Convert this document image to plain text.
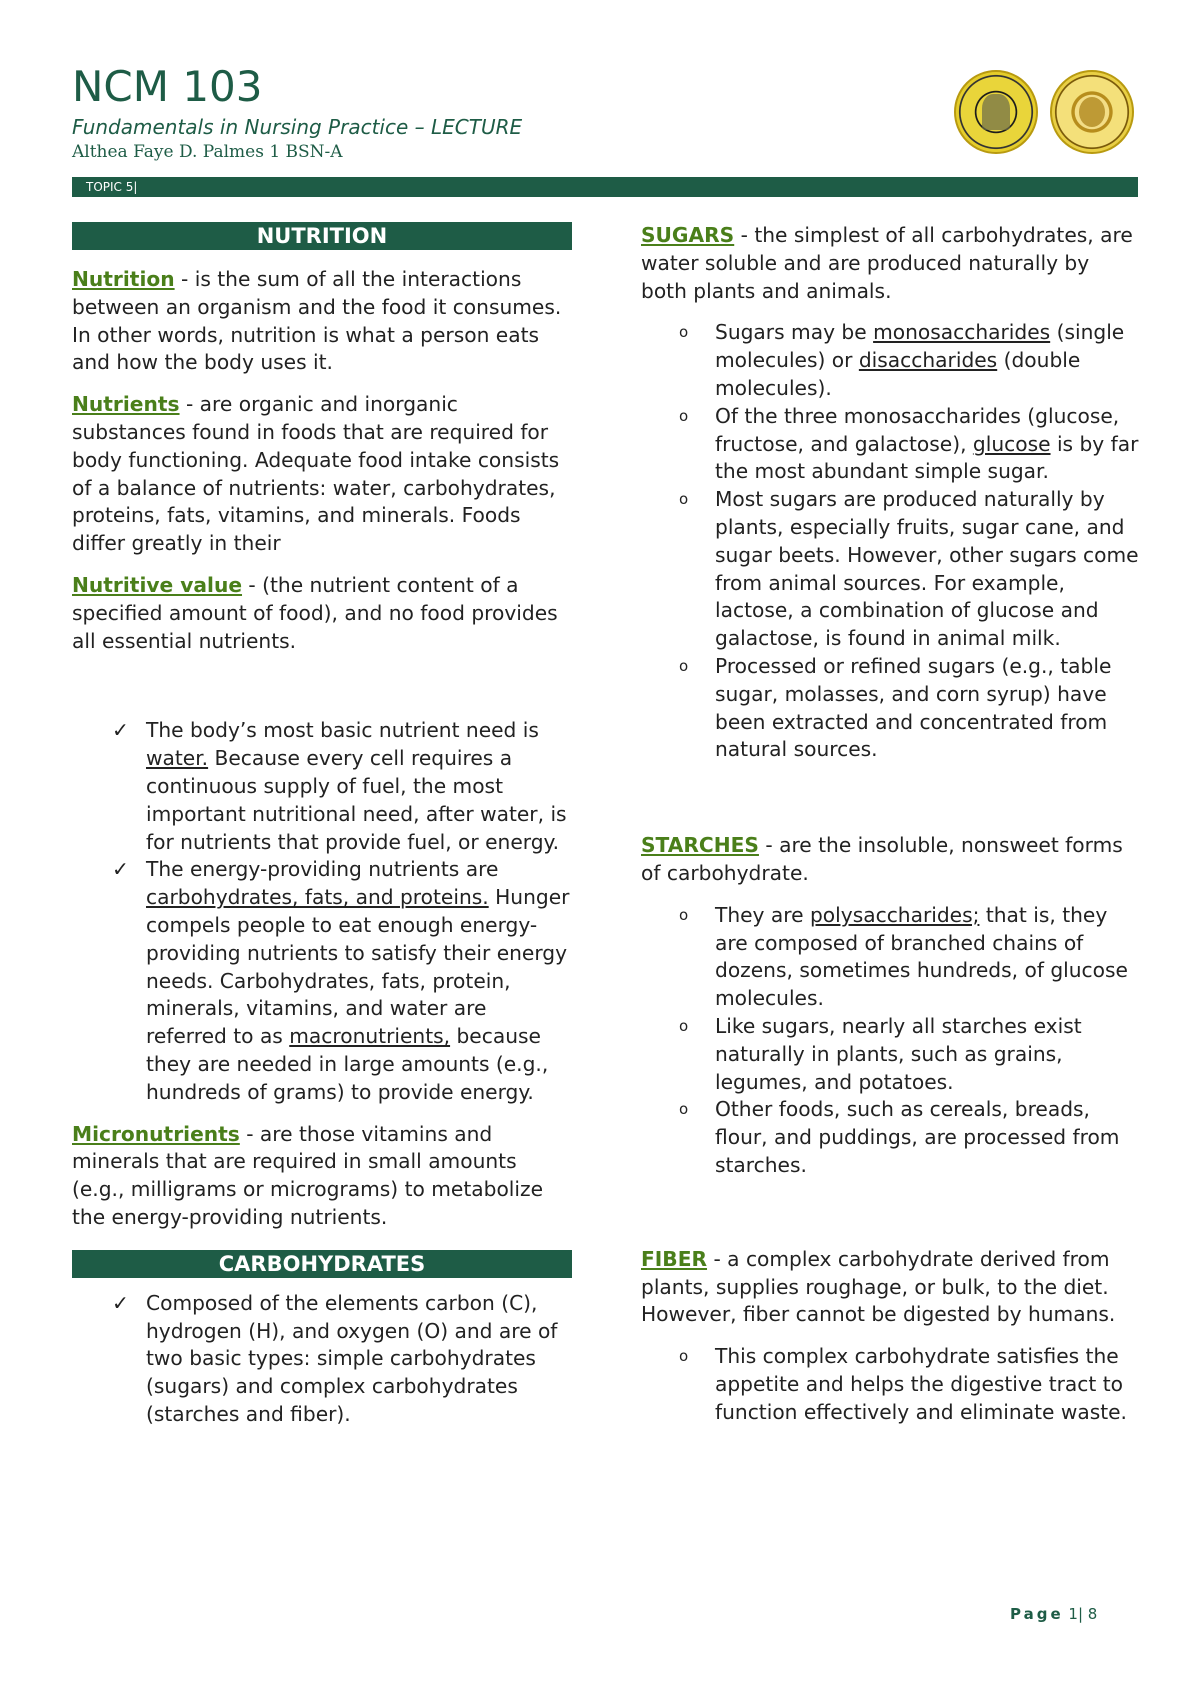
NCM 103
Fundamentals in Nursing Practice – LECTURE
Althea Faye D. Palmes 1 BSN-A
TOPIC 5|
NUTRITION

Nutrition - is the sum of all the interactions between an organism and the food it consumes. In other words, nutrition is what a person eats and how the body uses it.

Nutrients - are organic and inorganic substances found in foods that are required for body functioning. Adequate food intake consists of a balance of nutrients: water, carbohydrates, proteins, fats, vitamins, and minerals. Foods differ greatly in their

Nutritive value - (the nutrient content of a specified amount of food), and no food provides all essential nutrients.

✓ The body’s most basic nutrient need is water. Because every cell requires a continuous supply of fuel, the most important nutritional need, after water, is for nutrients that provide fuel, or energy.
✓ The energy-providing nutrients are carbohydrates, fats, and proteins. Hunger compels people to eat enough energy-providing nutrients to satisfy their energy needs. Carbohydrates, fats, protein, minerals, vitamins, and water are referred to as macronutrients, because they are needed in large amounts (e.g., hundreds of grams) to provide energy.

Micronutrients - are those vitamins and minerals that are required in small amounts (e.g., milligrams or micrograms) to metabolize the energy-providing nutrients.

CARBOHYDRATES
✓ Composed of the elements carbon (C), hydrogen (H), and oxygen (O) and are of two basic types: simple carbohydrates (sugars) and complex carbohydrates (starches and fiber).

SUGARS - the simplest of all carbohydrates, are water soluble and are produced naturally by both plants and animals.

o Sugars may be monosaccharides (single molecules) or disaccharides (double molecules).
o Of the three monosaccharides (glucose, fructose, and galactose), glucose is by far the most abundant simple sugar.
o Most sugars are produced naturally by plants, especially fruits, sugar cane, and sugar beets. However, other sugars come from animal sources. For example, lactose, a combination of glucose and galactose, is found in animal milk.
o Processed or refined sugars (e.g., table sugar, molasses, and corn syrup) have been extracted and concentrated from natural sources.

STARCHES - are the insoluble, nonsweet forms of carbohydrate.

o They are polysaccharides; that is, they are composed of branched chains of dozens, sometimes hundreds, of glucose molecules.
o Like sugars, nearly all starches exist naturally in plants, such as grains, legumes, and potatoes.
o Other foods, such as cereals, breads, flour, and puddings, are processed from starches.

FIBER - a complex carbohydrate derived from plants, supplies roughage, or bulk, to the diet. However, fiber cannot be digested by humans.

o This complex carbohydrate satisfies the appetite and helps the digestive tract to function effectively and eliminate waste.
Page 1| 8
